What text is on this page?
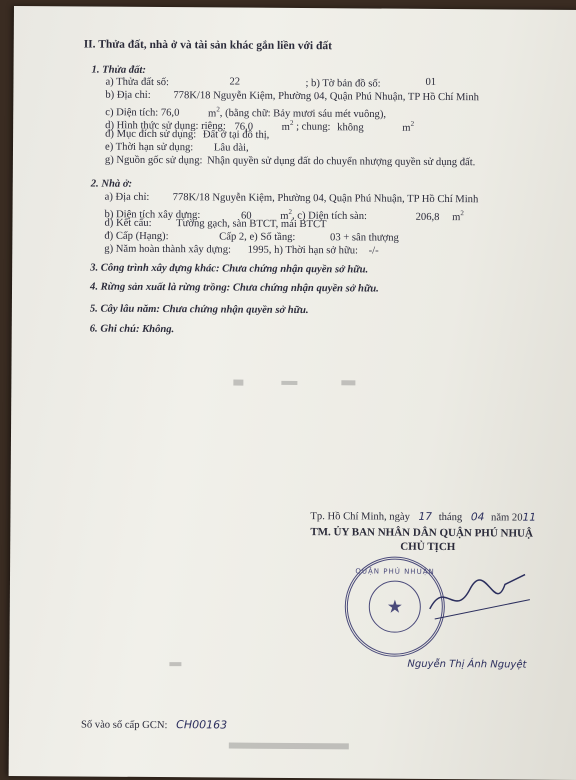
II. Thửa đất, nhà ở và tài sản khác gắn liền với đất
1. Thửa đất:
a) Thửa đất số:	22	; b) Tờ bản đồ số:	01
b) Địa chỉ: 778K/18 Nguyễn Kiệm, Phường 04, Quận Phú Nhuận, TP Hồ Chí Minh
c) Diện tích: 76,0	$m^2$, (bằng chữ: Bảy mươi sáu mét vuông),
d) Hình thức sử dụng: riêng: 76,0	$m^2$ ; chung: không	$m^2$
đ) Mục đích sử dụng: Đất ở tại đô thị,
e) Thời hạn sử dụng: Lâu dài,
g) Nguồn gốc sử dụng: Nhận quyền sử dụng đất do chuyển nhượng quyền sử dụng đất.
2. Nhà ở:
a) Địa chỉ: 778K/18 Nguyễn Kiệm, Phường 04, Quận Phú Nhuận, TP Hồ Chí Minh
b) Diện tích xây dựng:	60	$m^2$, c) Diện tích sàn:	206,8 $m^2$
d) Kết cấu: Tường gạch, sàn BTCT, mái BTCT
đ) Cấp (Hạng):	Cấp 2, e) Số tầng:	03 + sân thượng
g) Năm hoàn thành xây dựng: 1995, h) Thời hạn sở hữu: -/-
3. Công trình xây dựng khác: Chưa chứng nhận quyền sở hữu.
4. Rừng sản xuất là rừng trồng: Chưa chứng nhận quyền sở hữu.
5. Cây lâu năm: Chưa chứng nhận quyền sở hữu.
6. Ghi chú: Không.
Tp. Hồ Chí Minh, ngày 17 tháng 04 năm 2011
TM. ỦY BAN NHÂN DÂN QUẬN PHÚ NHUẬ
CHỦ TỊCH
★
QUẬN PHÚ NHUẬN
Nguyễn Thị Ánh Nguyệt
Số vào sổ cấp GCN: CH00163
